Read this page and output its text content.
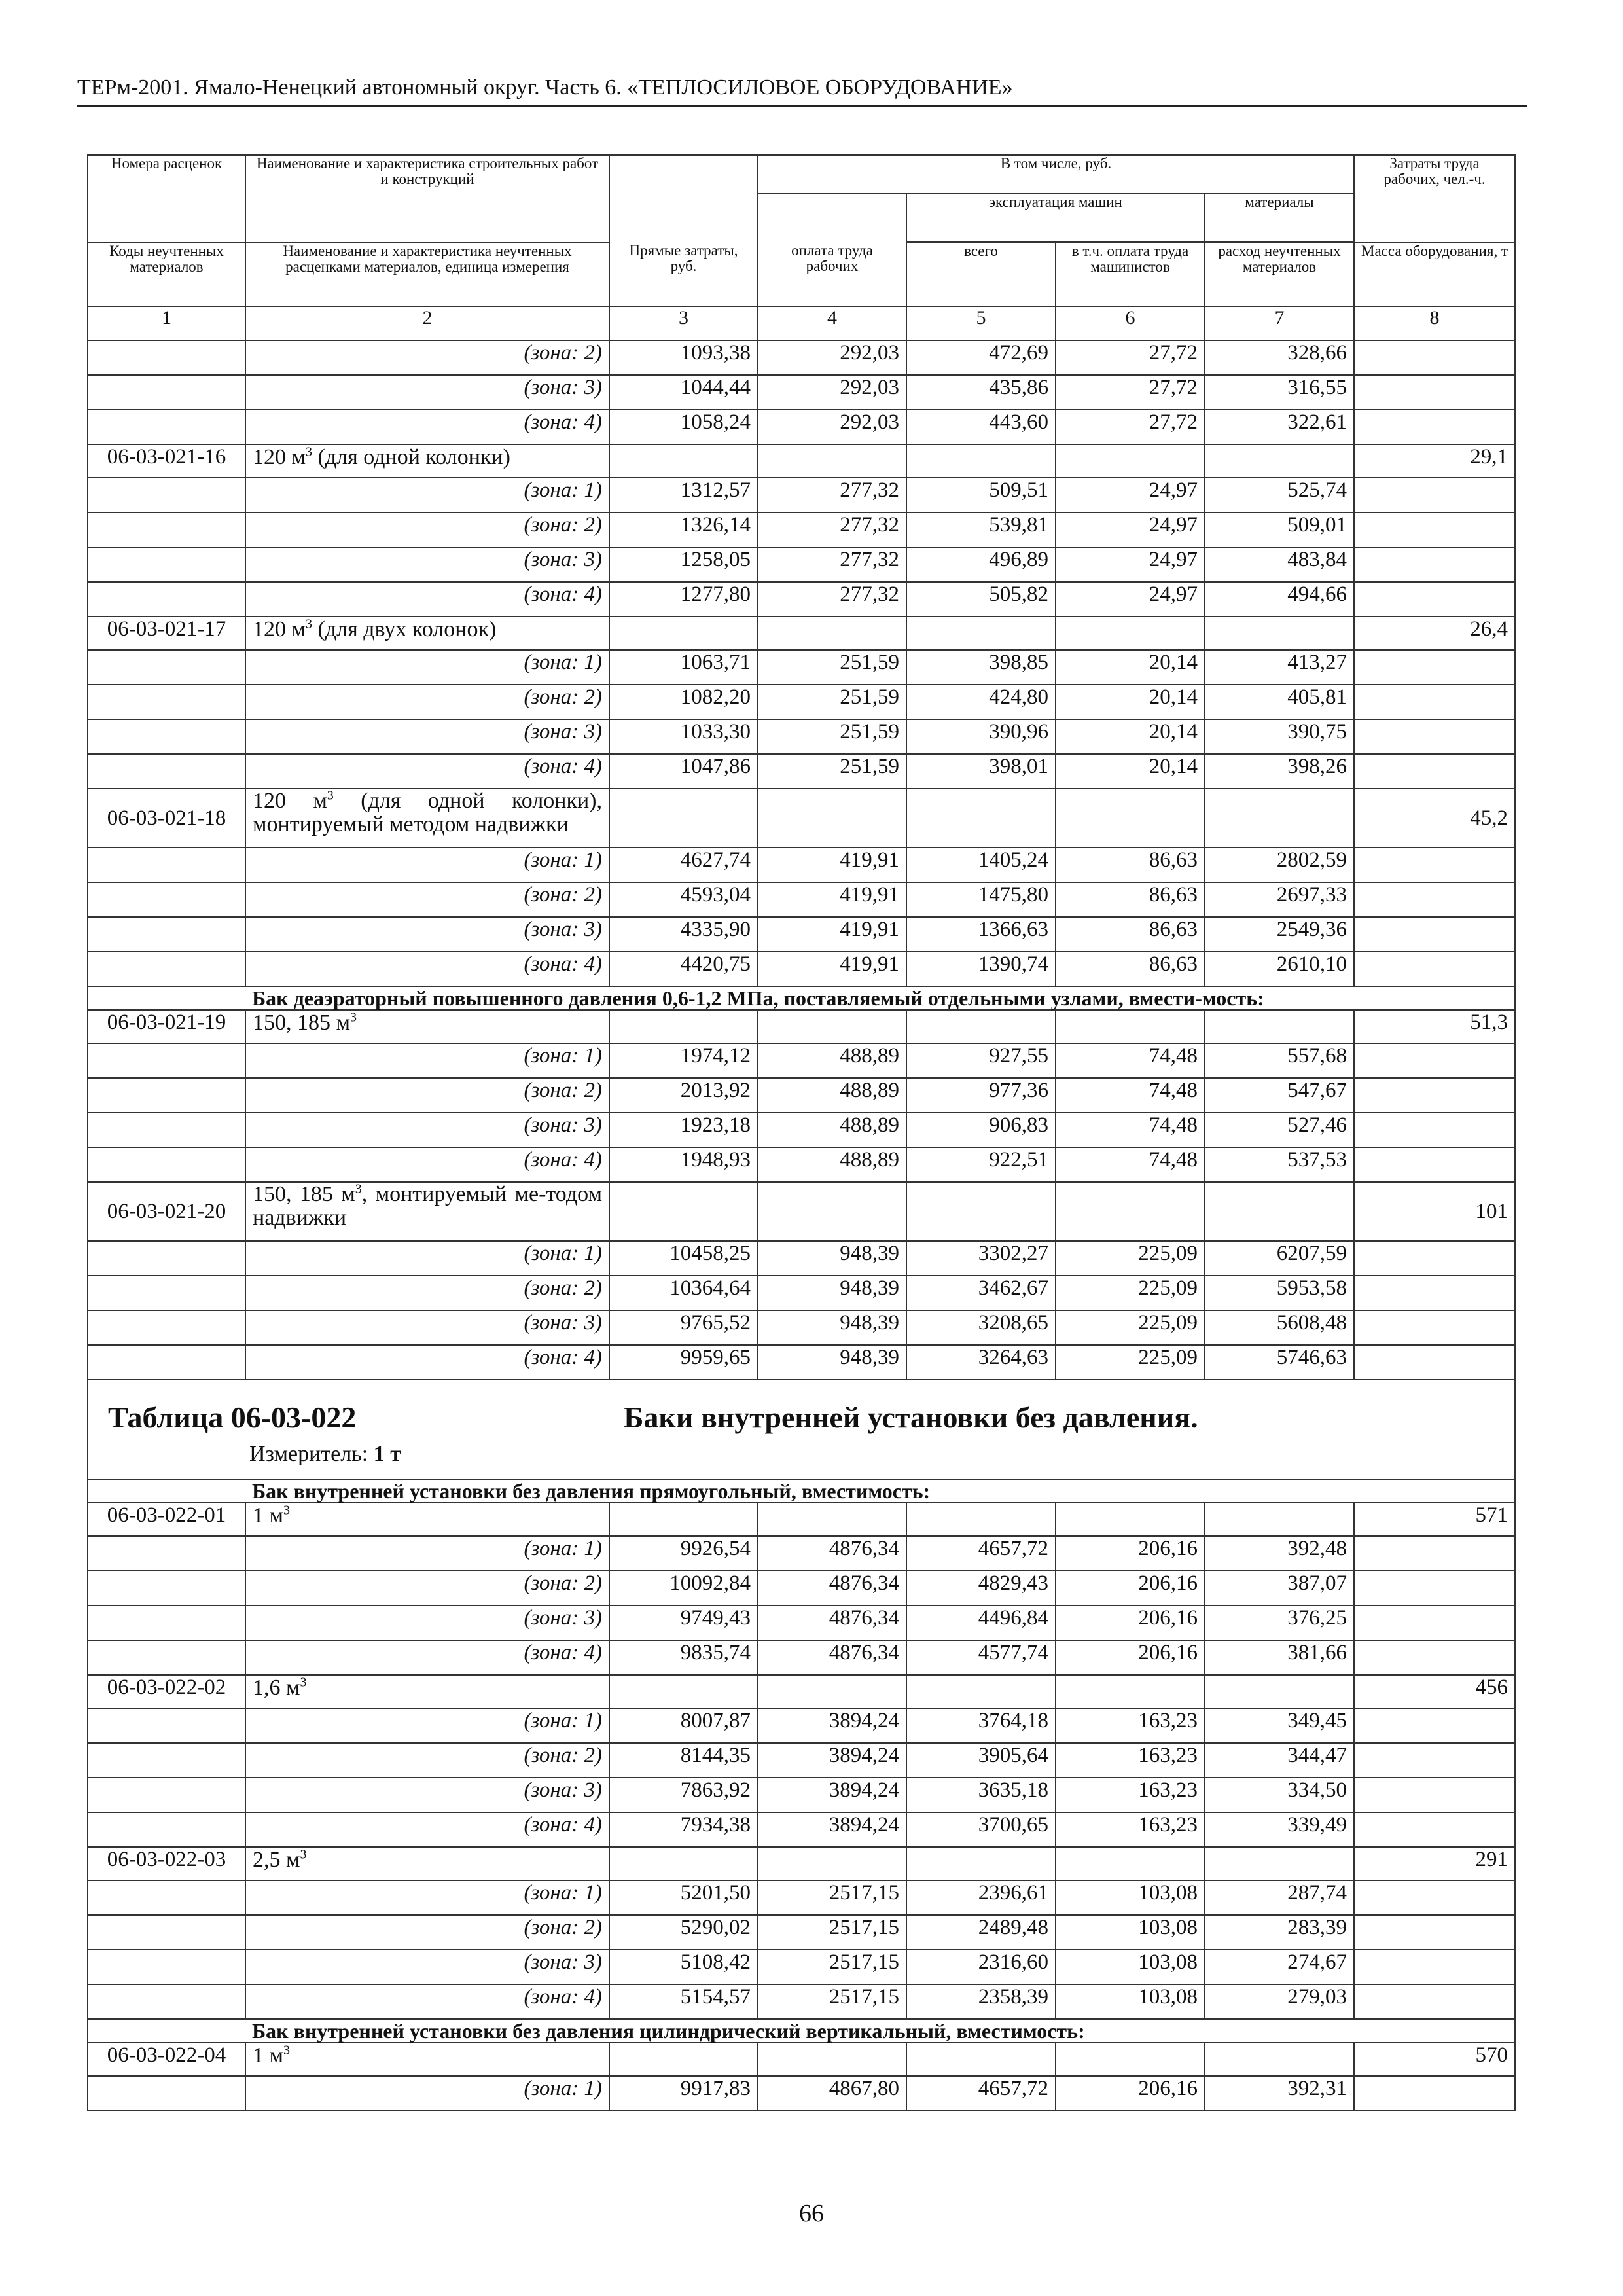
ТЕРм-2001. Ямало-Ненецкий автономный округ. Часть 6. «ТЕПЛОСИЛОВОЕ ОБОРУДОВАНИЕ»
Номера расценок	Наименование и характеристика строительных работ и конструкций		В том числе, руб.				Затраты труда рабочих, чел.-ч.
				эксплуатация машин		материалы	

Коды неучтенных материалов	Наименование и характеристика неучтенных расценками материалов, единица измерения	Прямые затраты, руб.	оплата труда рабочих	всего	в т.ч. оплата труда машинистов	расход неучтенных материалов	Масса оборудования, т
1	2	3	4	5	6	7	8
	(зона: 2)	1093,38	292,03	472,69	27,72	328,66	
	(зона: 3)	1044,44	292,03	435,86	27,72	316,55	
	(зона: 4)	1058,24	292,03	443,60	27,72	322,61	
06-03-021-16	120 $м^3$ (для одной колонки)						29,1
	(зона: 1)	1312,57	277,32	509,51	24,97	525,74	
	(зона: 2)	1326,14	277,32	539,81	24,97	509,01	
	(зона: 3)	1258,05	277,32	496,89	24,97	483,84	
	(зона: 4)	1277,80	277,32	505,82	24,97	494,66	
06-03-021-17	120 $м^3$ (для двух колонок)						26,4
	(зона: 1)	1063,71	251,59	398,85	20,14	413,27	
	(зона: 2)	1082,20	251,59	424,80	20,14	405,81	
	(зона: 3)	1033,30	251,59	390,96	20,14	390,75	
	(зона: 4)	1047,86	251,59	398,01	20,14	398,26	
06-03-021-18	120 $м^3$ (для одной колонки), монтируемый методом надвижки						45,2
	(зона: 1)	4627,74	419,91	1405,24	86,63	2802,59	
	(зона: 2)	4593,04	419,91	1475,80	86,63	2697,33	
	(зона: 3)	4335,90	419,91	1366,63	86,63	2549,36	
	(зона: 4)	4420,75	419,91	1390,74	86,63	2610,10	
	Бак деаэраторный повышенного давления 0,6-1,2 МПа, поставляемый отдельными узлами, вмести-мость:						
06-03-021-19	150, 185 $м^3$						51,3
	(зона: 1)	1974,12	488,89	927,55	74,48	557,68	
	(зона: 2)	2013,92	488,89	977,36	74,48	547,67	
	(зона: 3)	1923,18	488,89	906,83	74,48	527,46	
	(зона: 4)	1948,93	488,89	922,51	74,48	537,53	
06-03-021-20	150, 185 $м^3$, монтируемый ме-тодом надвижки						101
	(зона: 1)	10458,25	948,39	3302,27	225,09	6207,59	
	(зона: 2)	10364,64	948,39	3462,67	225,09	5953,58	
	(зона: 3)	9765,52	948,39	3208,65	225,09	5608,48	
	(зона: 4)	9959,65	948,39	3264,63	225,09	5746,63	

Таблица 06-03-022 Баки внутренней установки без давления.
Измеритель: 1 т							

	Бак внутренней установки без давления прямоугольный, вместимость:						
06-03-022-01	1 $м^3$						571
	(зона: 1)	9926,54	4876,34	4657,72	206,16	392,48	
	(зона: 2)	10092,84	4876,34	4829,43	206,16	387,07	
	(зона: 3)	9749,43	4876,34	4496,84	206,16	376,25	
	(зона: 4)	9835,74	4876,34	4577,74	206,16	381,66	
06-03-022-02	1,6 $м^3$						456
	(зона: 1)	8007,87	3894,24	3764,18	163,23	349,45	
	(зона: 2)	8144,35	3894,24	3905,64	163,23	344,47	
	(зона: 3)	7863,92	3894,24	3635,18	163,23	334,50	
	(зона: 4)	7934,38	3894,24	3700,65	163,23	339,49	
06-03-022-03	2,5 $м^3$						291
	(зона: 1)	5201,50	2517,15	2396,61	103,08	287,74	
	(зона: 2)	5290,02	2517,15	2489,48	103,08	283,39	
	(зона: 3)	5108,42	2517,15	2316,60	103,08	274,67	
	(зона: 4)	5154,57	2517,15	2358,39	103,08	279,03	
	Бак внутренней установки без давления цилиндрический вертикальный, вместимость:						
06-03-022-04	1 $м^3$						570
	(зона: 1)	9917,83	4867,80	4657,72	206,16	392,31	
66
